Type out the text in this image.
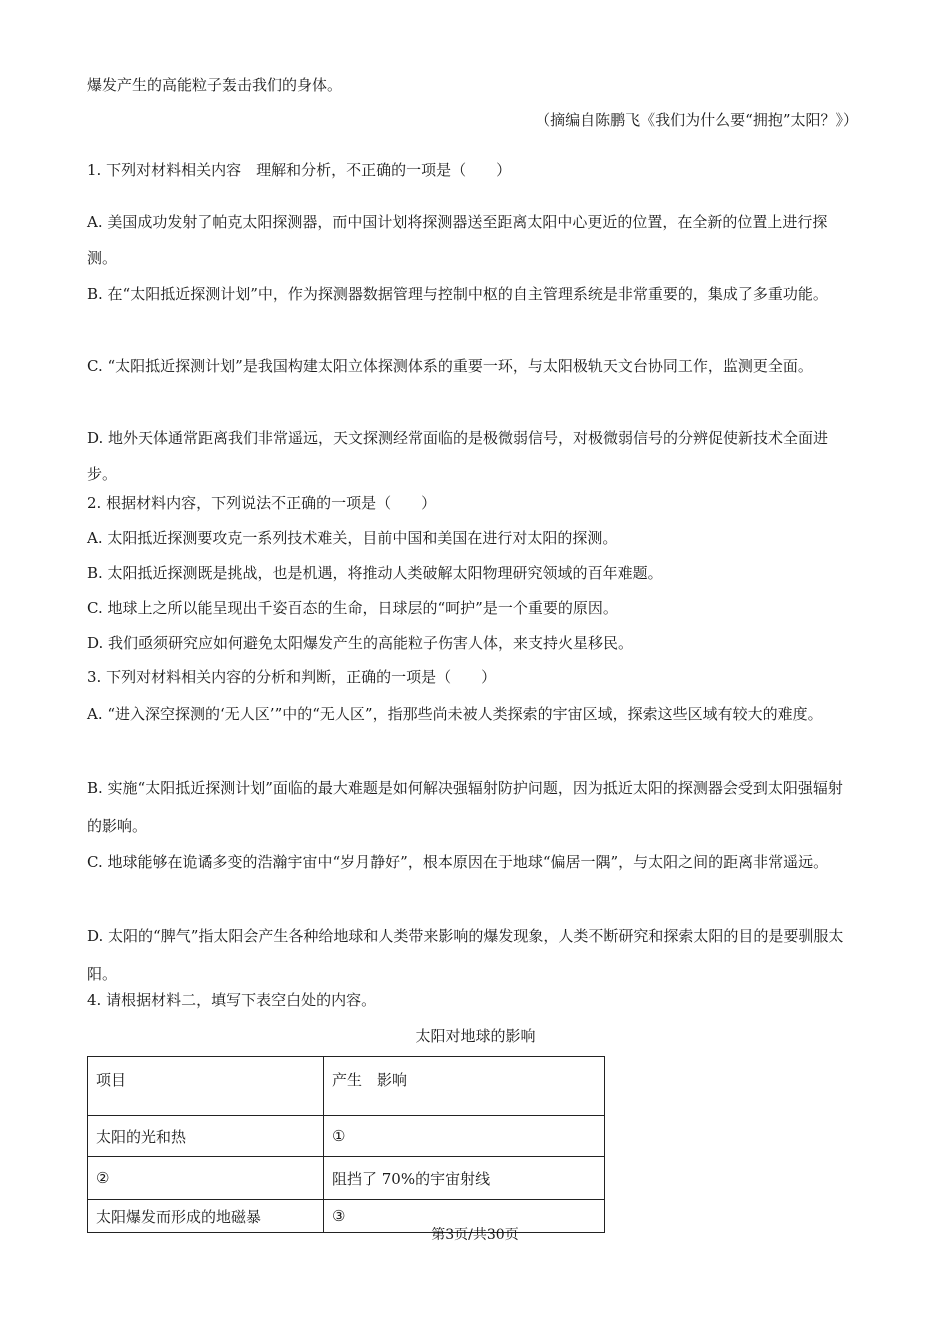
爆发产生的高能粒子轰击我们的身体。
（摘编自陈鹏飞《我们为什么要“拥抱”太阳？》）
1. 下列对材料相关内容　理解和分析，不正确的一项是（　　）
A. 美国成功发射了帕克太阳探测器，而中国计划将探测器送至距离太阳中心更近的位置，在全新的位置上进行探测。
B. 在“太阳抵近探测计划”中，作为探测器数据管理与控制中枢的自主管理系统是非常重要的，集成了多重功能。
C. “太阳抵近探测计划”是我国构建太阳立体探测体系的重要一环，与太阳极轨天文台协同工作，监测更全面。
D. 地外天体通常距离我们非常遥远，天文探测经常面临的是极微弱信号，对极微弱信号的分辨促使新技术全面进步。
2. 根据材料内容，下列说法不正确的一项是（　　）
A. 太阳抵近探测要攻克一系列技术难关，目前中国和美国在进行对太阳的探测。
B. 太阳抵近探测既是挑战，也是机遇，将推动人类破解太阳物理研究领域的百年难题。
C. 地球上之所以能呈现出千姿百态的生命，日球层的“呵护”是一个重要的原因。
D. 我们亟须研究应如何避免太阳爆发产生的高能粒子伤害人体，来支持火星移民。
3. 下列对材料相关内容的分析和判断，正确的一项是（　　）
A. “进入深空探测的‘无人区’”中的“无人区”，指那些尚未被人类探索的宇宙区域，探索这些区域有较大的难度。
B. 实施“太阳抵近探测计划”面临的最大难题是如何解决强辐射防护问题，因为抵近太阳的探测器会受到太阳强辐射的影响。
C. 地球能够在诡谲多变的浩瀚宇宙中“岁月静好”，根本原因在于地球“偏居一隅”，与太阳之间的距离非常遥远。
D. 太阳的“脾气”指太阳会产生各种给地球和人类带来影响的爆发现象，人类不断研究和探索太阳的目的是要驯服太阳。
4. 请根据材料二，填写下表空白处的内容。
太阳对地球的影响
项目	产生　影响
太阳的光和热	①
②	阻挡了 70%的宇宙射线
太阳爆发而形成的地磁暴	③
第3页/共30页
